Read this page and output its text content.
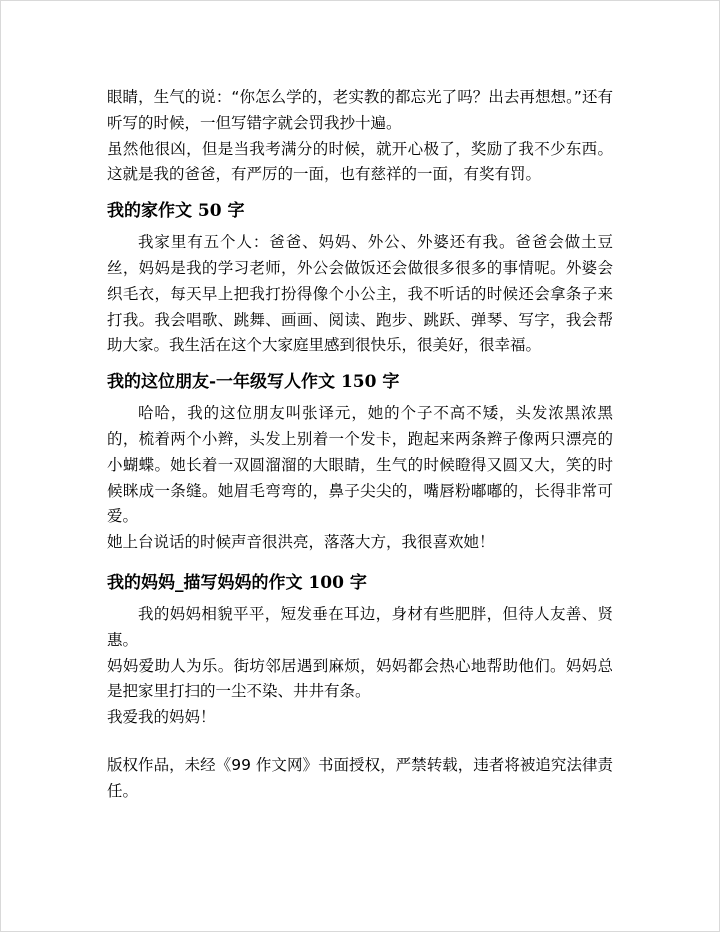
眼睛，生气的说：“你怎么学的，老实教的都忘光了吗？出去再想想。”还有听写的时候，一但写错字就会罚我抄十遍。

虽然他很凶，但是当我考满分的时候，就开心极了，奖励了我不少东西。这就是我的爸爸，有严厉的一面，也有慈祥的一面，有奖有罚。

我的家作文 50 字

我家里有五个人：爸爸、妈妈、外公、外婆还有我。爸爸会做土豆丝，妈妈是我的学习老师，外公会做饭还会做很多很多的事情呢。外婆会织毛衣，每天早上把我打扮得像个小公主，我不听话的时候还会拿条子来打我。我会唱歌、跳舞、画画、阅读、跑步、跳跃、弹琴、写字，我会帮助大家。我生活在这个大家庭里感到很快乐，很美好，很幸福。

我的这位朋友-一年级写人作文 150 字

哈哈，我的这位朋友叫张译元，她的个子不高不矮，头发浓黑浓黑的，梳着两个小辫，头发上别着一个发卡，跑起来两条辫子像两只漂亮的小蝴蝶。她长着一双圆溜溜的大眼睛，生气的时候瞪得又圆又大，笑的时候眯成一条缝。她眉毛弯弯的，鼻子尖尖的，嘴唇粉嘟嘟的，长得非常可爱。

她上台说话的时候声音很洪亮，落落大方，我很喜欢她！

我的妈妈_描写妈妈的作文 100 字

我的妈妈相貌平平，短发垂在耳边，身材有些肥胖，但待人友善、贤惠。

妈妈爱助人为乐。街坊邻居遇到麻烦，妈妈都会热心地帮助他们。妈妈总是把家里打扫的一尘不染、井井有条。

我爱我的妈妈！

版权作品，未经《99 作文网》书面授权，严禁转载，违者将被追究法律责任。
